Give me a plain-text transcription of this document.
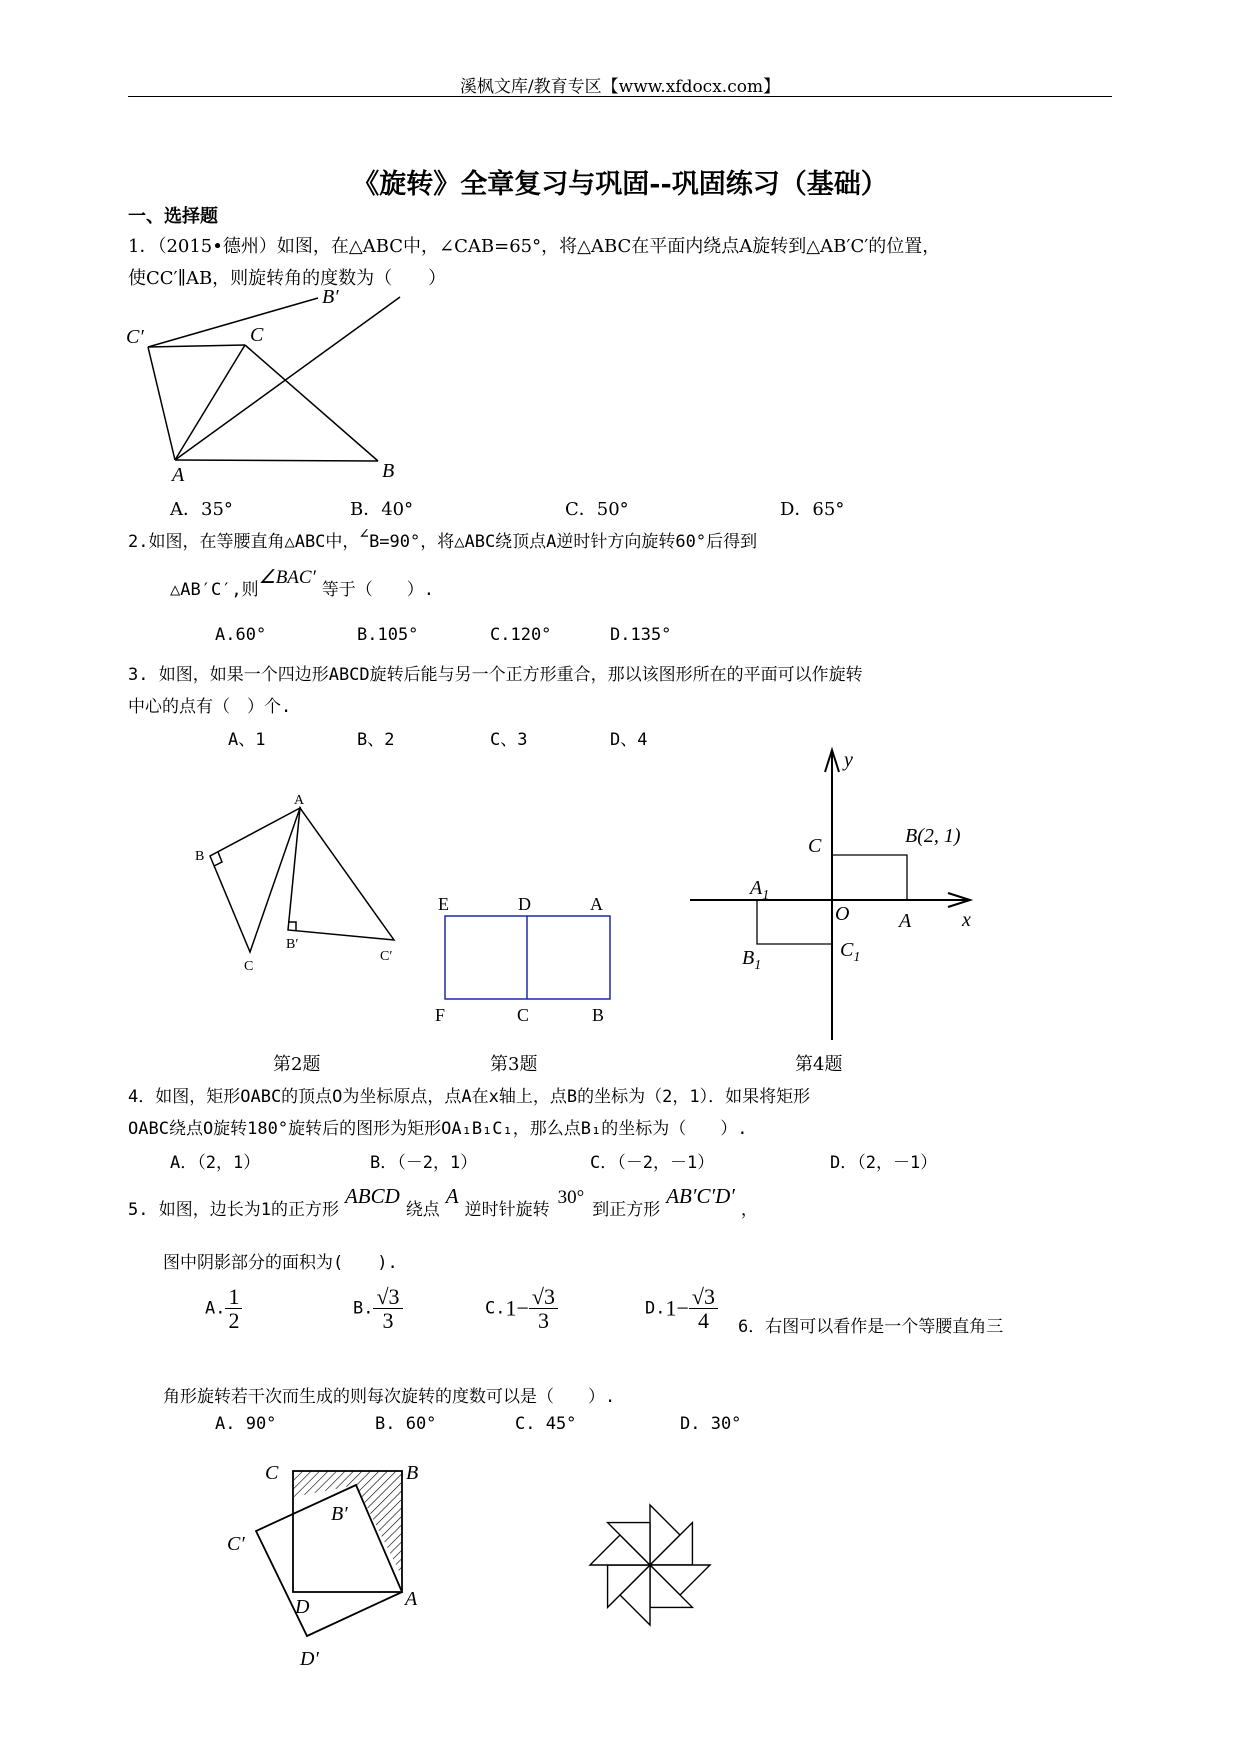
溪枫文库/教育专区【www.xfdocx.com】
《旋转》全章复习与巩固--巩固练习（基础）
一、选择题
1．（2015•德州）如图，在△ABC中，∠CAB=65°，将△ABC在平面内绕点A旋转到△AB′C′的位置，
使CC′∥AB，则旋转角的度数为（　　）
C′	C
B′
A	B
A．35°	B．40°	C．50°	D．65°
2.如图，在等腰直角△ABC中，∠B=90°，将△ABC绕顶点A逆时针方向旋转60°后得到
△AB′C′,则∠BAC′等于（　　）.
A.60°	B.105°	C.120°	D.135°
3. 如图，如果一个四边形ABCD旋转后能与另一个正方形重合，那以该图形所在的平面可以作旋转
中心的点有（　）个.
A、1	B、2	C、3	D、4
A
B
C
B′
C′
E	D	A
F	C	B
y
x
O
C	B(2, 1)
A
$A_1$
$B_1$
$C_1$
第2题	第3题	第4题
4．如图，矩形OABC的顶点O为坐标原点，点A在x轴上，点B的坐标为（2，1）．如果将矩形
OABC绕点O旋转180°旋转后的图形为矩形OA₁B₁C₁，那么点B₁的坐标为（　　）.
A．（2，1）	B．（－2，1）	C．（－2，－1）	D．（2，－1）
5. 如图，边长为1的正方形ABCD绕点A逆时针旋转30°到正方形AB′C′D′，
图中阴影部分的面积为(　　).
A. $\frac{1}{2}$	B. $\frac{√3}{3}$	$C.1- \frac{√3}{3}$	$D.1- \frac{√3}{4} 6$．右图可以看作是一个等腰直角三
角形旋转若干次而生成的则每次旋转的度数可以是（　　）.
A. 90°	B. 60°	C. 45°	D. 30°
C	B
B′
C′
D	A
D′
